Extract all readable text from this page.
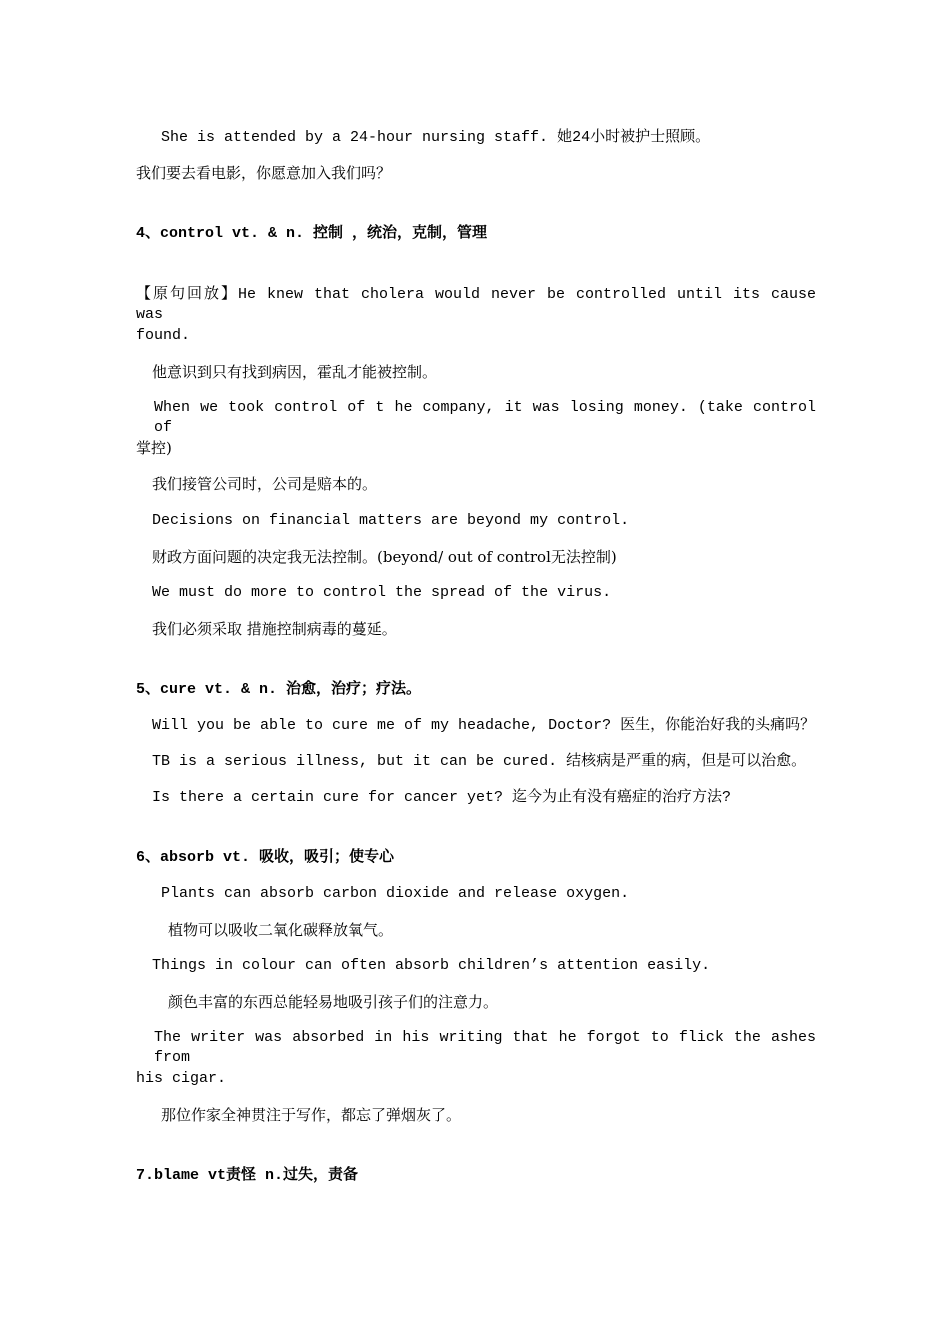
She is attended by a 24-hour nursing staff. 她24小时被护士照顾。
我们要去看电影，你愿意加入我们吗？
4、control vt. & n. 控制 ，统治，克制，管理
【原句回放】He knew that cholera would never be controlled until its cause was
found.
他意识到只有找到病因，霍乱才能被控制。
When we took control of t he company, it was losing money. (take control of
掌控)
我们接管公司时，公司是赔本的。
Decisions on financial matters are beyond my control.
财政方面问题的决定我无法控制。(beyond/ out of control无法控制)
We must do more to control the spread of the virus.
我们必须采取 措施控制病毒的蔓延。
5、cure vt. & n. 治愈，治疗；疗法。
Will you be able to cure me of my headache, Doctor? 医生，你能治好我的头痛吗？
TB is a serious illness, but it can be cured. 结核病是严重的病，但是可以治愈。
Is there a certain cure for cancer yet? 迄今为止有没有癌症的治疗方法?
6、absorb vt. 吸收，吸引；使专心
Plants can absorb carbon dioxide and release oxygen.
植物可以吸收二氧化碳释放氧气。
Things in colour can often absorb children’s attention easily.
颜色丰富的东西总能轻易地吸引孩子们的注意力。
The writer was absorbed in his writing that he forgot to flick the ashes from
his cigar.
那位作家全神贯注于写作，都忘了弹烟灰了。
7.blame vt责怪 n.过失，责备
